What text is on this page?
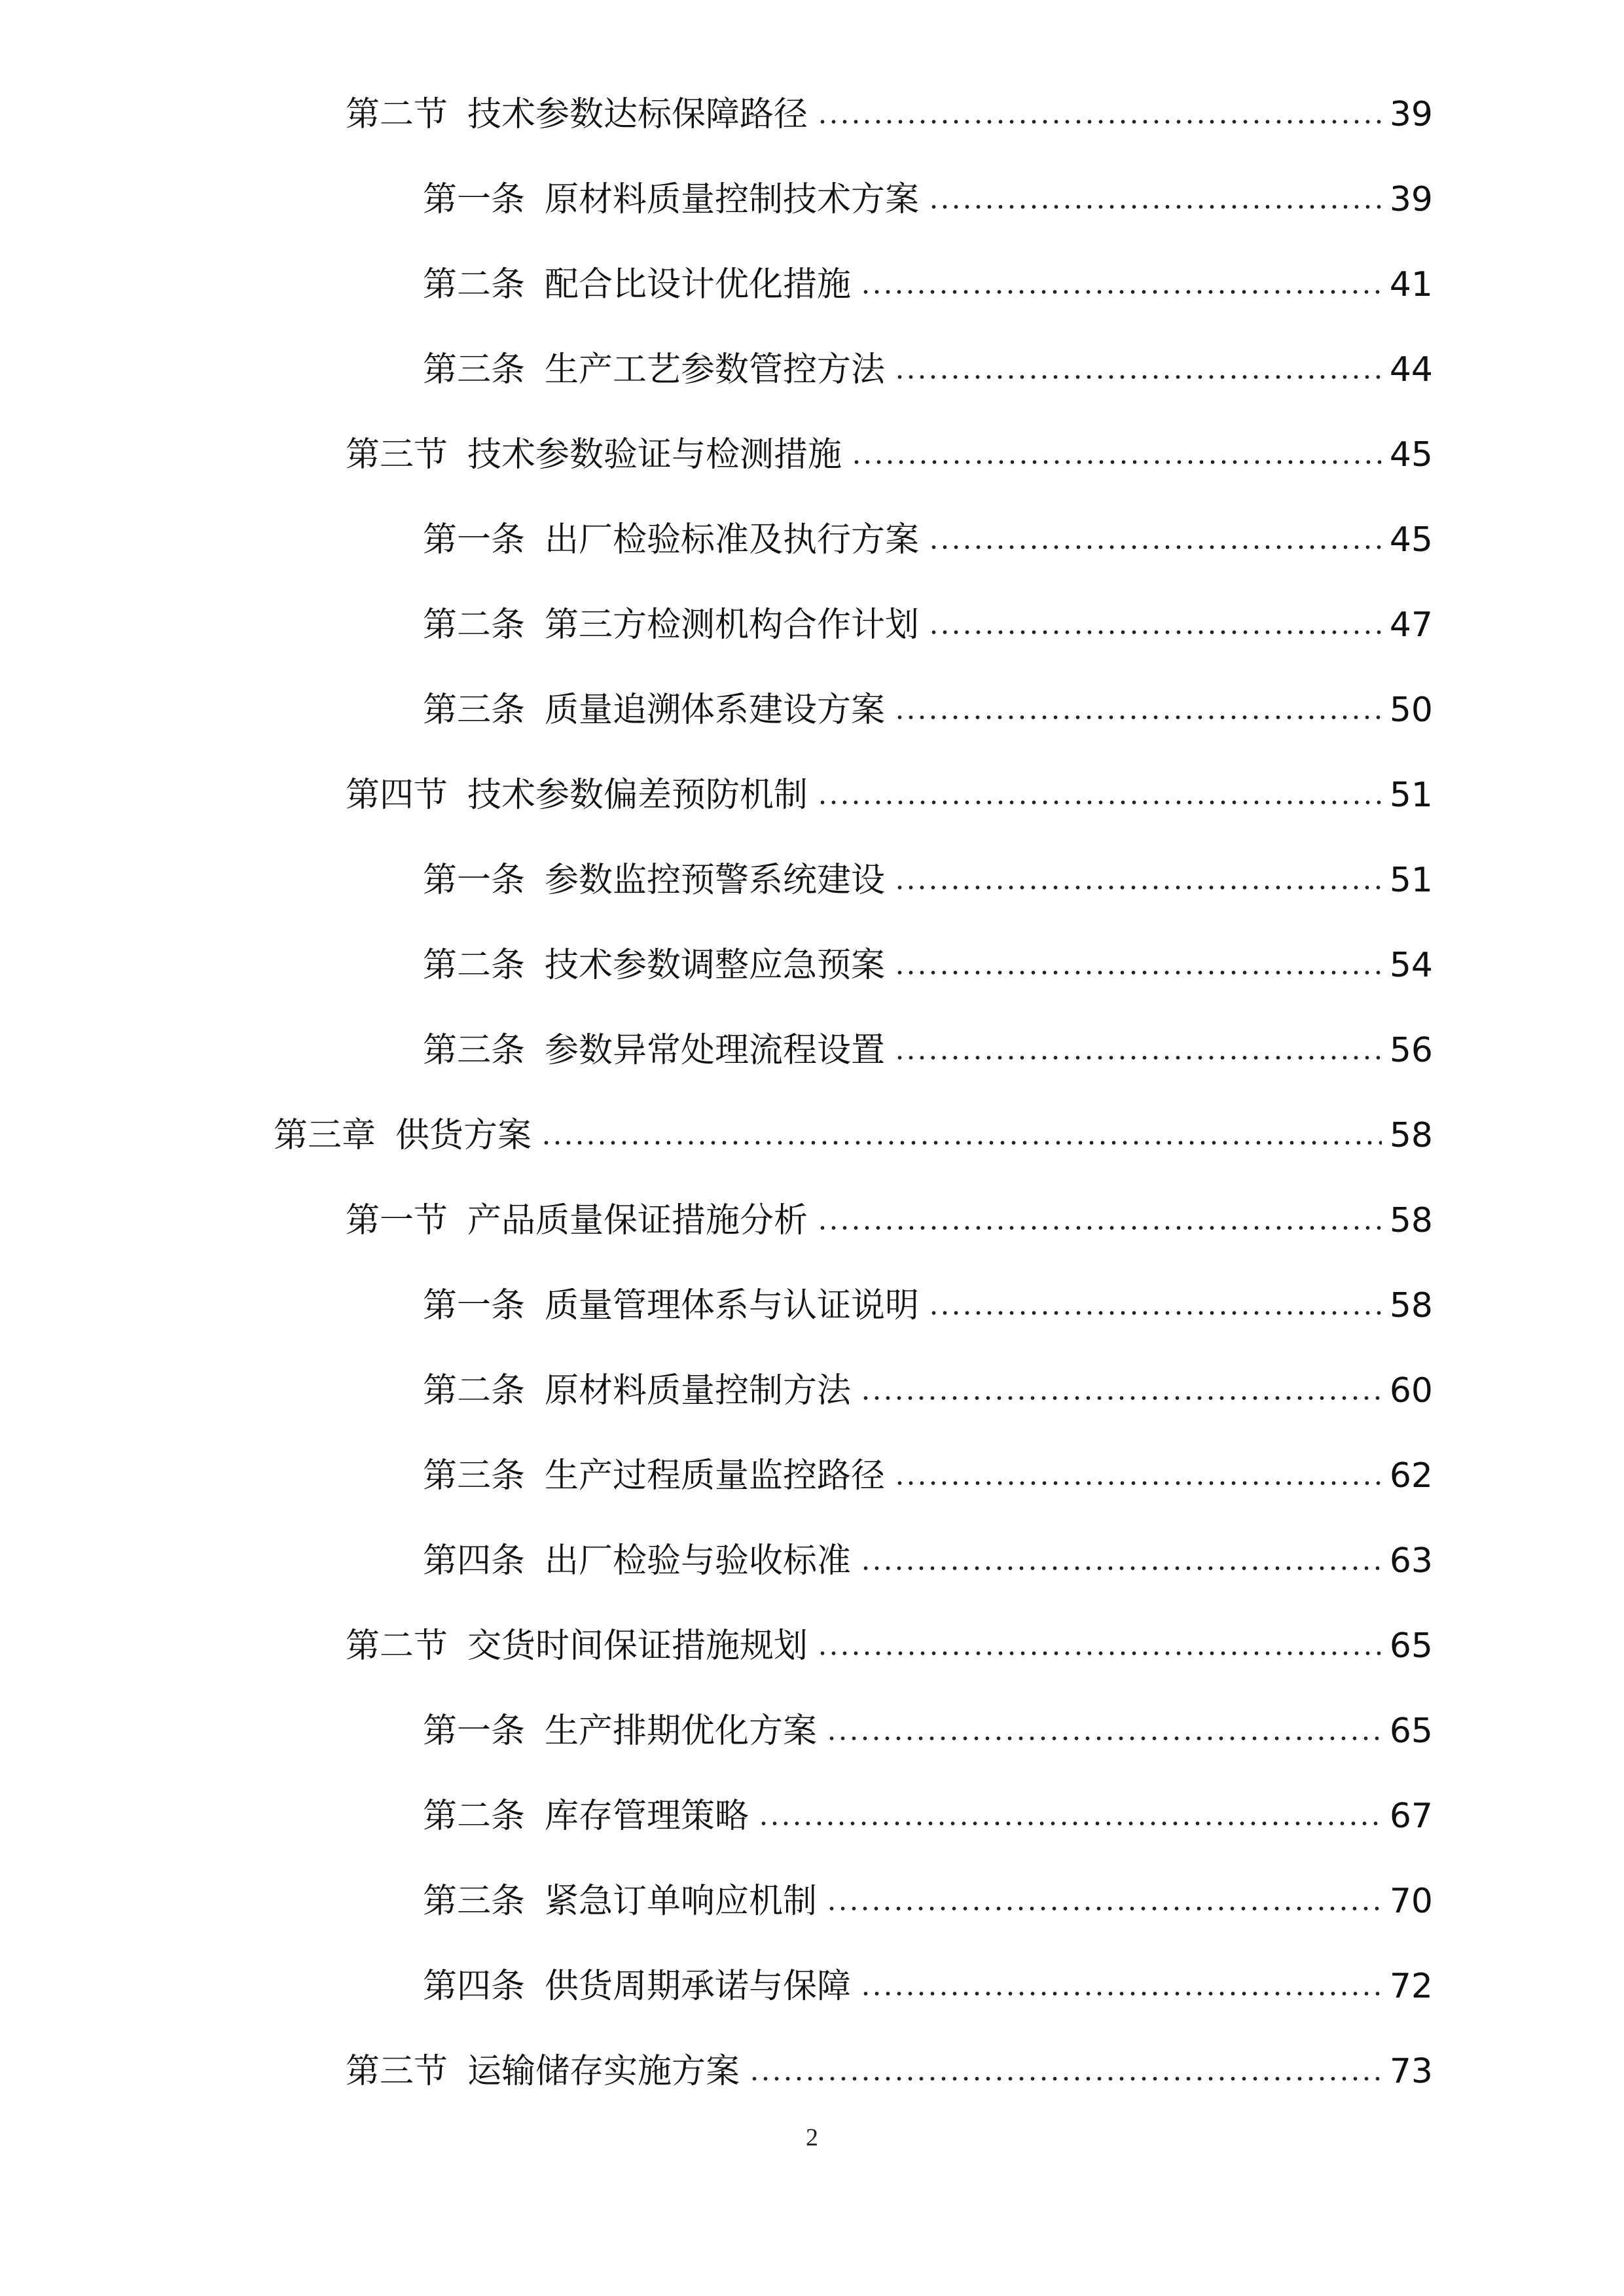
第二节 技术参数达标保障路径	39
第一条 原材料质量控制技术方案	39
第二条 配合比设计优化措施	41
第三条 生产工艺参数管控方法	44
第三节 技术参数验证与检测措施	45
第一条 出厂检验标准及执行方案	45
第二条 第三方检测机构合作计划	47
第三条 质量追溯体系建设方案	50
第四节 技术参数偏差预防机制	51
第一条 参数监控预警系统建设	51
第二条 技术参数调整应急预案	54
第三条 参数异常处理流程设置	56
第三章 供货方案	58
第一节 产品质量保证措施分析	58
第一条 质量管理体系与认证说明	58
第二条 原材料质量控制方法	60
第三条 生产过程质量监控路径	62
第四条 出厂检验与验收标准	63
第二节 交货时间保证措施规划	65
第一条 生产排期优化方案	65
第二条 库存管理策略	67
第三条 紧急订单响应机制	70
第四条 供货周期承诺与保障	72
第三节 运输储存实施方案	73
2
